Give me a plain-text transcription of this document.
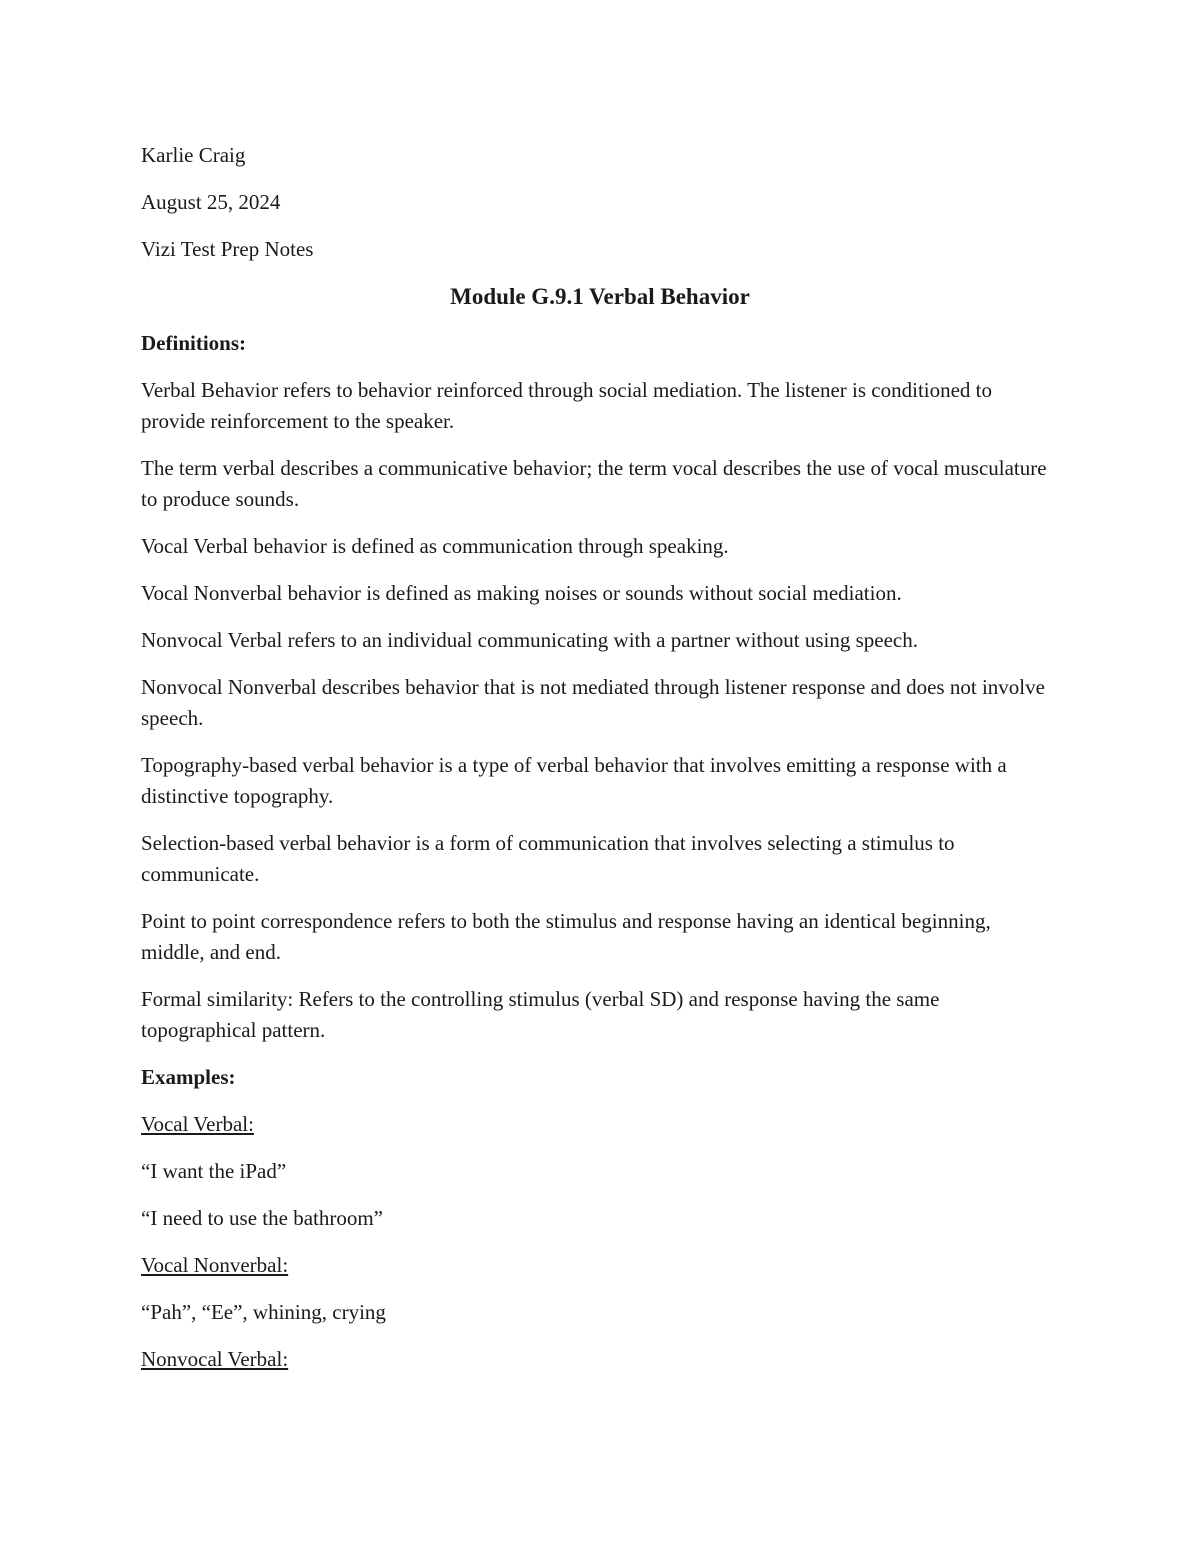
Karlie Craig

August 25, 2024

Vizi Test Prep Notes

Module G.9.1 Verbal Behavior

Definitions:

Verbal Behavior refers to behavior reinforced through social mediation. The listener is conditioned to provide reinforcement to the speaker.

The term verbal describes a communicative behavior; the term vocal describes the use of vocal musculature to produce sounds.

Vocal Verbal behavior is defined as communication through speaking.

Vocal Nonverbal behavior is defined as making noises or sounds without social mediation.

Nonvocal Verbal refers to an individual communicating with a partner without using speech.

Nonvocal Nonverbal describes behavior that is not mediated through listener response and does not involve speech.

Topography-based verbal behavior is a type of verbal behavior that involves emitting a response with a distinctive topography.

Selection-based verbal behavior is a form of communication that involves selecting a stimulus to communicate.

Point to point correspondence refers to both the stimulus and response having an identical beginning, middle, and end.

Formal similarity: Refers to the controlling stimulus (verbal SD) and response having the same topographical pattern.

Examples:

Vocal Verbal:

“I want the iPad”

“I need to use the bathroom”

Vocal Nonverbal:

“Pah”, “Ee”, whining, crying

Nonvocal Verbal:
